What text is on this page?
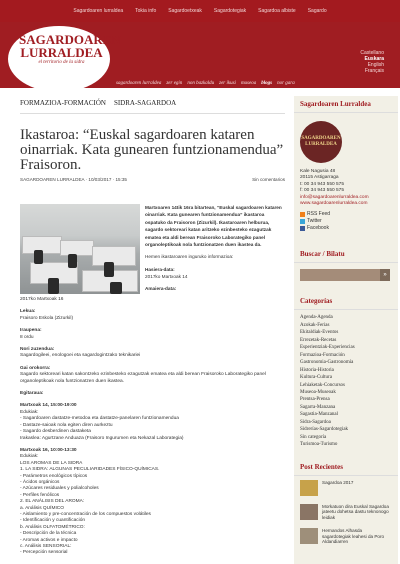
Sagardoaren lurraldea	Tokia info	Sagardoetxeak	Sagardotegiak	Sagardoa albiste	Sagardo
sagardoaren lurraldea zer egin non bazkaldu zer ikusi museoa blogs nor gara
Castellano
Euskara
English
Français
SAGARDOAREN LURRALDEA
el territorio de la sidra
FORMAZIOA-FORMACIÓN SIDRA-SAGARDOA
Ikastaroa: “Euskal sagardoaren kataren oinarriak. Kata gunearen funtzionamendua” Fraisoron.
SAGARDOAREN LURRALDEA · 10/03/2017 · 15:35	Sin comentarios

Martxoaren 14tik 16ra bitartean, “Euskal sagardoaren kataren oinarriak. Kata gunearen funtzionamendua” ikastaroa ospatuko da Fraisoron (Zizurkil). Ikastaroaren helburua, sagardo sektoreari katan aritzeko ezinbesteko ezagutzak ematea eta aldi berean Fraisoroko Laborategiko panel organoleptikoak nola funtzionatzen duen ikastea da.

Hemen ikastaroaren inguruko informazioa:

Hasiera-data:
2017ko Martxoak 14
Amaiera-data:
2017ko Martxoak 16
Lekua:
Fraisoro Eskola (Zizurkil)
Iraupena:
8 ordu
Nori zuzendua:
Sagardogileei, enologoei eta sagardogintzako teknikariei
Gai orokorra:
Sagardo sektoreari katan sakontzeko ezinbesteko ezagutzak ematea eta aldi berean Fraisoroko Laborategiko panel organoleptikoak nola funtzionatzen duen ikastea.
Egitaraua:
Martxoak 14, 15:00-19:00
Edukiak:
- Sagardoaren dastatze-metodoa eta dastatze-panelaren funtzionamendua
- Dastaze-saioak nola egiten diren aurkeztu
- Sagardo desberdinen dastaketa
Irakaslea: Agurtzane Anduaza (Fraisoro Ingurumen eta Nekazal Laborategia)
Martxoak 16, 10:00-13:30
Edukiak:
LOS AROMAS DE LA SIDRA
1. LA SIDRA: ALGUNAS PECULIARIDADES FÍSICO-QUÍMICAS.
- Parámetros enológicos típicos
- Ácidos orgánicos
- Azúcares residuales y polialcoholes
- Perfiles fenólicos
2. EL ANÁLISIS DEL AROMA:
a. Análisis QUÍMICO
- Aislamiento y pre-concentración de los compuestos volátiles
- Identificación y cuantificación
b. Análisis OLFATOMÉTRICO:
- Descripción de la técnica
- Aromas activos e impacto
c. Análisis SENSORIAL:
- Percepción sensorial
Sagardoaren Lurraldea
SAGARDOAREN LURRALDEA
Kale Nagusia 48
20115 Astigarraga
t: 00 34 943 550 575
f: 00 34 943 550 575
info@sagardoarenlurraldea.com
www.sagardoarenlurraldea.com
RSS Feed
Twitter
Facebook
Buscar / Bilatu
»
Categorías
Agenda-Agenda
Azokak-Ferias
Ekitaldiak-Eventos
Errezetak-Recetas
Esperientziak-Experiencias
Formazioa-Formación
Gastronomia-Gastronomía
Historia-Historia
Kultura-Cultura
Lehiaketak-Concursos
Museoa-Museoak
Prentsa-Prensa
Sagarra-Manzana
Sagastia-Manzanal
Sidra-Sagardoa
Sidrerías-Sagardotegiak
Sin categoría
Turismoa-Turismo
Post Recientes
Sagardoa 2017
Morkatuon dira Euskal Sagardoa jateetu dohetsa dastu teknonogo leidiak
Hernandos Alhasda sagardotegiak leahesi da Poro Aldandiarren
